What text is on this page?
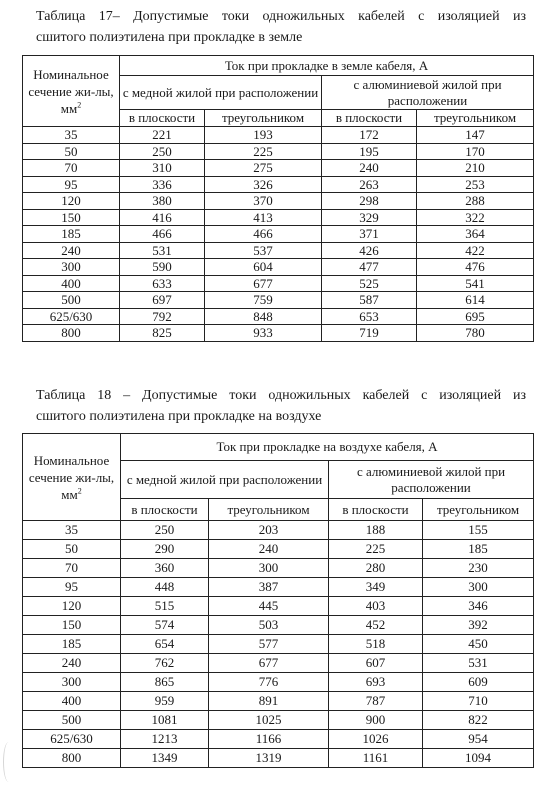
Таблица 17– Допустимые токи одножильных кабелей с изоляцией из
сшитого полиэтилена при прокладке в земле
Номинальное сечение жи-лы, $мм^2$	Ток при прокладке в земле кабеля, А			
	с медной жилой при расположении		с алюминиевой жилой при расположении	
	в плоскости	треугольником	в плоскости	треугольником
35	221	193	172	147
50	250	225	195	170
70	310	275	240	210
95	336	326	263	253
120	380	370	298	288
150	416	413	329	322
185	466	466	371	364
240	531	537	426	422
300	590	604	477	476
400	633	677	525	541
500	697	759	587	614
625/630	792	848	653	695
800	825	933	719	780
Таблица 18 – Допустимые токи одножильных кабелей с изоляцией из
сшитого полиэтилена при прокладке на воздухе
Номинальное сечение жи-лы, $мм^2$	Ток при прокладке на воздухе кабеля, А			
	с медной жилой при расположении		с алюминиевой жилой при расположении	
	в плоскости	треугольником	в плоскости	треугольником
35	250	203	188	155
50	290	240	225	185
70	360	300	280	230
95	448	387	349	300
120	515	445	403	346
150	574	503	452	392
185	654	577	518	450
240	762	677	607	531
300	865	776	693	609
400	959	891	787	710
500	1081	1025	900	822
625/630	1213	1166	1026	954
800	1349	1319	1161	1094
